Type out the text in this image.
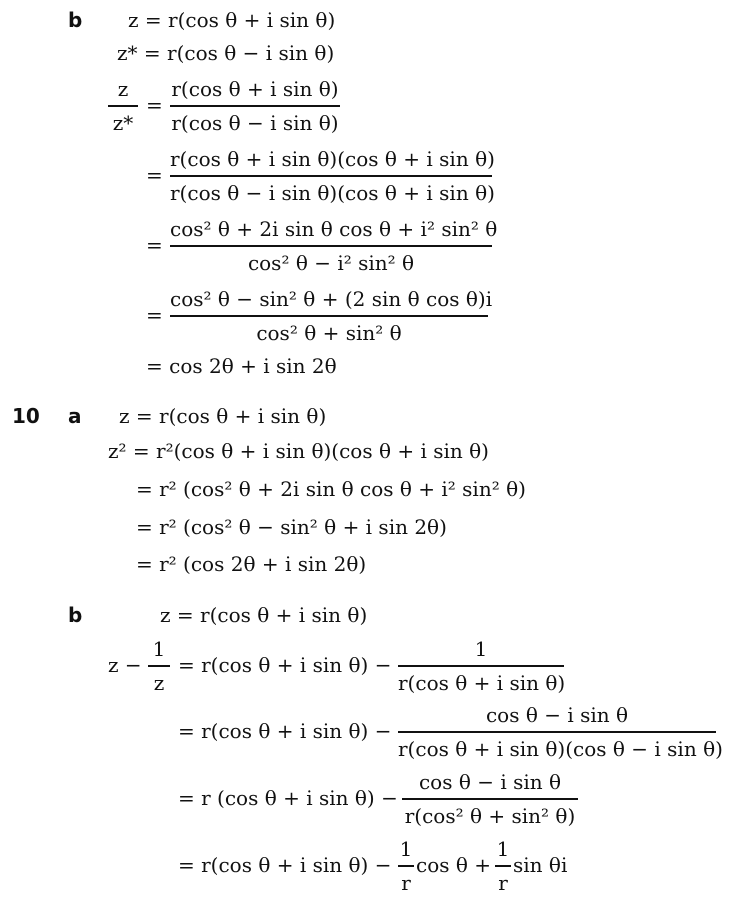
b z = r(cos θ + i sin θ)
z* = r(cos θ − i sin θ)
$\frac{z}{z*} = \frac{\text{r(cos θ + i sin θ)}}{\text{r(cos θ − i sin θ)}}$
= $\frac{\text{r(cos θ + i sin θ)(cos θ + i sin θ)}}{\text{r(cos θ − i sin θ)(cos θ + i sin θ)}}$
= $\frac{\text{cos² θ + 2i sin θ cos θ + i² sin² θ}}{\text{cos² θ − i² sin² θ}}$
= $\frac{\text{cos² θ − sin² θ + (2 sin θ cos θ)i}}{\text{cos² θ + sin² θ}}$
= cos 2θ + i sin 2θ
10 a z = r(cos θ + i sin θ)
z² = r²(cos θ + i sin θ)(cos θ + i sin θ)
= r² (cos² θ + 2i sin θ cos θ + i² sin² θ)
= r² (cos² θ − sin² θ + i sin 2θ)
= r² (cos 2θ + i sin 2θ)
b	z = r(cos θ + i sin θ)
$z - \frac{1}{z} = r(\cos$ θ + i $\sin \theta) - \frac{1}{\text{r(cos θ + i sin θ)}}$
= r(cos θ + i $\sin \theta) - \frac{\text{cos θ − i sin θ}}{\text{r(cos θ + i sin θ)(cos θ − i sin θ)}}$
= r (cos θ + i $\sin \theta) - \frac{\text{cos θ − i sin θ}}{\text{r(cos² θ + sin² θ)}}$
= r(cos θ + i $\sin \theta) - \frac{1}{r}$ $\cos \theta + \frac{1}{r}$ sin θi
